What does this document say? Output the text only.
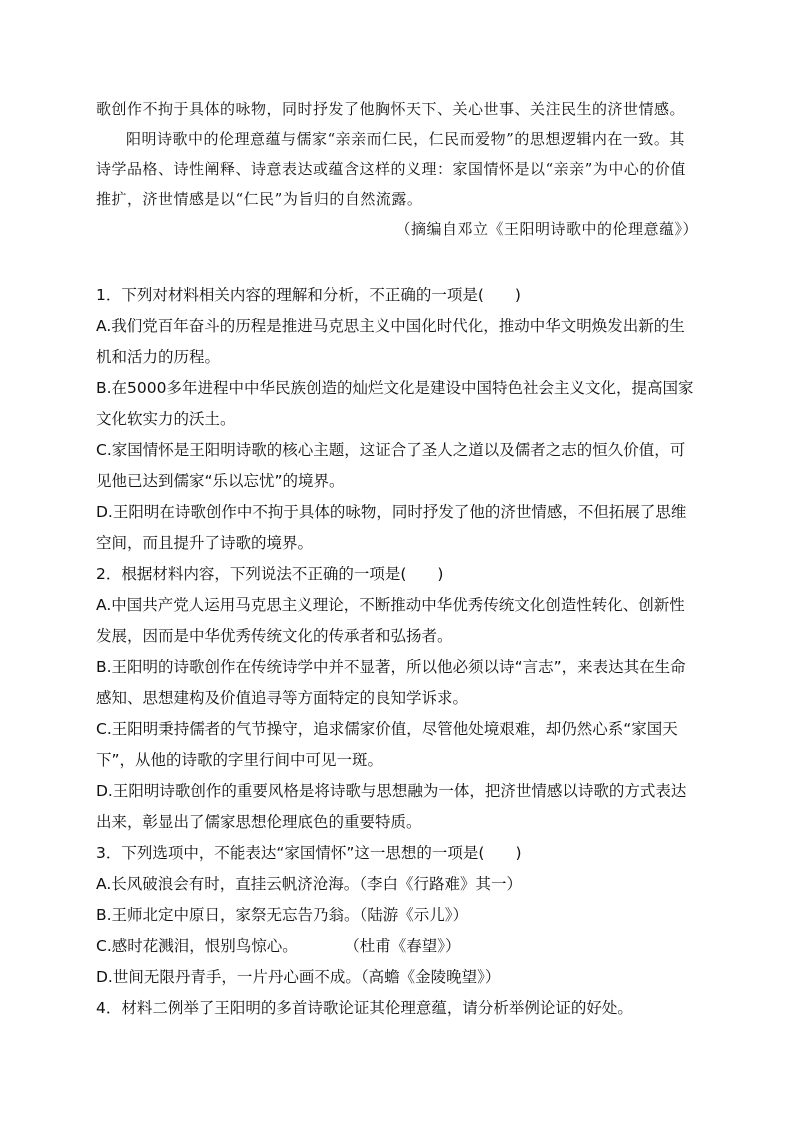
歌创作不拘于具体的咏物，同时抒发了他胸怀天下、关心世事、关注民生的济世情感。

阳明诗歌中的伦理意蕴与儒家“亲亲而仁民，仁民而爱物”的思想逻辑内在一致。其诗学品格、诗性阐释、诗意表达或蕴含这样的义理：家国情怀是以“亲亲”为中心的价值推扩，济世情感是以“仁民”为旨归的自然流露。

（摘编自邓立《王阳明诗歌中的伦理意蕴》）

1．下列对材料相关内容的理解和分析，不正确的一项是(　　)

A.我们党百年奋斗的历程是推进马克思主义中国化时代化，推动中华文明焕发出新的生机和活力的历程。

B.在5000多年进程中中华民族创造的灿烂文化是建设中国特色社会主义文化，提高国家文化软实力的沃土。

C.家国情怀是王阳明诗歌的核心主题，这证合了圣人之道以及儒者之志的恒久价值，可见他已达到儒家“乐以忘忧”的境界。

D.王阳明在诗歌创作中不拘于具体的咏物，同时抒发了他的济世情感，不但拓展了思维空间，而且提升了诗歌的境界。

2．根据材料内容，下列说法不正确的一项是(　　)

A.中国共产党人运用马克思主义理论，不断推动中华优秀传统文化创造性转化、创新性发展，因而是中华优秀传统文化的传承者和弘扬者。

B.王阳明的诗歌创作在传统诗学中并不显著，所以他必须以诗“言志”，来表达其在生命感知、思想建构及价值追寻等方面特定的良知学诉求。

C.王阳明秉持儒者的气节操守，追求儒家价值，尽管他处境艰难，却仍然心系“家国天下”，从他的诗歌的字里行间中可见一斑。

D.王阳明诗歌创作的重要风格是将诗歌与思想融为一体，把济世情感以诗歌的方式表达出来，彰显出了儒家思想伦理底色的重要特质。

3．下列选项中，不能表达“家国情怀”这一思想的一项是(　　)

A.长风破浪会有时，直挂云帆济沧海。（李白《行路难》其一）

B.王师北定中原日，家祭无忘告乃翁。（陆游《示儿》）

C.感时花溅泪，恨别鸟惊心。　　　　（杜甫《春望》）

D.世间无限丹青手，一片丹心画不成。（高蟾《金陵晚望》）

4．材料二例举了王阳明的多首诗歌论证其伦理意蕴，请分析举例论证的好处。
